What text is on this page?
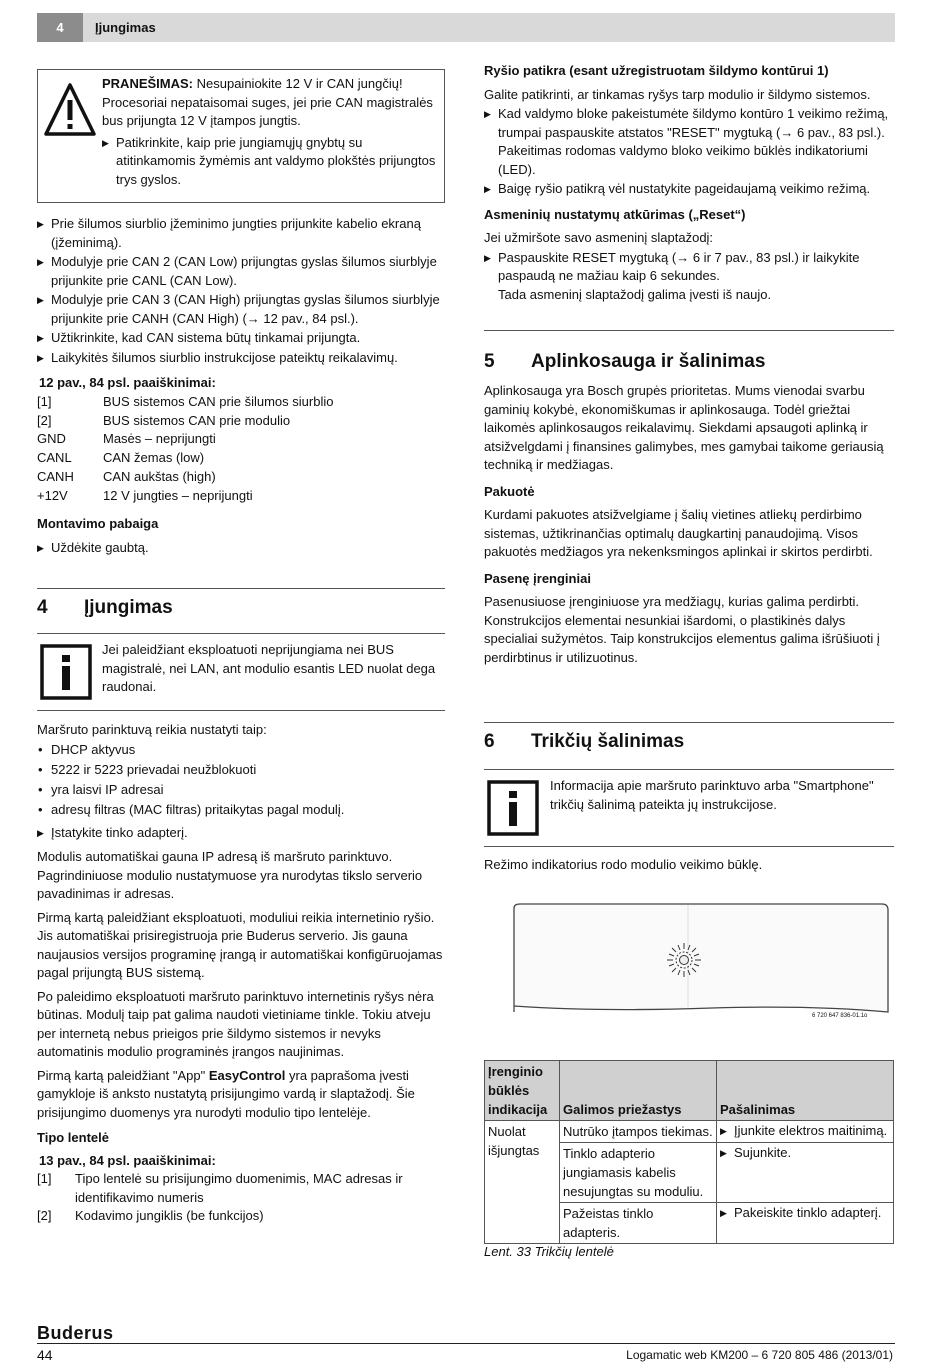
4	Įjungimas

PRANEŠIMAS: Nesupainiokite 12 V ir CAN jungčių!

Procesoriai nepataisomai suges, jei prie CAN magistralės bus prijungta 12 V įtampos jungtis.

▶ Patikrinkite, kaip prie jungiamųjų gnybtų su atitinkamomis žymėmis ant valdymo plokštės prijungtos trys gyslos.

▶ Prie šilumos siurblio įžeminimo jungties prijunkite kabelio ekraną (įžeminimą).

▶ Modulyje prie CAN 2 (CAN Low) prijungtas gyslas šilumos siurblyje prijunkite prie CANL (CAN Low).

▶ Modulyje prie CAN 3 (CAN High) prijungtas gyslas šilumos siurblyje prijunkite prie CANH (CAN High) (→ 12 pav., 84 psl.).

▶ Užtikrinkite, kad CAN sistema būtų tinkamai prijungta.

▶ Laikykitės šilumos siurblio instrukcijose pateiktų reikalavimų.

12 pav., 84 psl. paaiškinimai:
[1]	BUS sistemos CAN prie šilumos siurblio
[2]	BUS sistemos CAN prie modulio
GND	Masės – neprijungti
CANL	CAN žemas (low)
CANH	CAN aukštas (high)
+12V	12 V jungties – neprijungti
Montavimo pabaiga

▶ Uždėkite gaubtą.

4 Įjungimas

Jei paleidžiant eksploatuoti neprijungiama nei BUS magistralė, nei LAN, ant modulio esantis LED nuolat dega raudonai.

Maršruto parinktuvą reikia nustatyti taip:

• DHCP aktyvus

• 5222 ir 5223 prievadai neužblokuoti

• yra laisvi IP adresai

• adresų filtras (MAC filtras) pritaikytas pagal modulį.

▶ Įstatykite tinko adapterį.

Modulis automatiškai gauna IP adresą iš maršruto parinktuvo. Pagrindiniuose modulio nustatymuose yra nurodytas tikslo serverio pavadinimas ir adresas.

Pirmą kartą paleidžiant eksploatuoti, moduliui reikia internetinio ryšio. Jis automatiškai prisiregistruoja prie Buderus serverio. Jis gauna naujausios versijos programinę įrangą ir automatiškai konfigūruojamas pagal prijungtą BUS sistemą.

Po paleidimo eksploatuoti maršruto parinktuvo internetinis ryšys nėra būtinas. Modulį taip pat galima naudoti vietiniame tinkle. Tokiu atveju per internetą nebus prieigos prie šildymo sistemos ir nevyks automatinis modulio programinės įrangos naujinimas.

Pirmą kartą paleidžiant "App" EasyControl yra paprašoma įvesti gamykloje iš anksto nustatytą prisijungimo vardą ir slaptažodį. Šie prisijungimo duomenys yra nurodyti modulio tipo lentelėje.

Tipo lentelė

13 pav., 84 psl. paaiškinimai:

[1]	Tipo lentelė su prisijungimo duomenimis, MAC adresas ir identifikavimo numeris
[2]	Kodavimo jungiklis (be funkcijos)

Ryšio patikra (esant užregistruotam šildymo kontūrui 1)

Galite patikrinti, ar tinkamas ryšys tarp modulio ir šildymo sistemos.

▶ Kad valdymo bloke pakeistumėte šildymo kontūro 1 veikimo režimą, trumpai paspauskite atstatos "RESET" mygtuką (→ 6 pav., 83 psl.). Pakeitimas rodomas valdymo bloko veikimo būklės indikatoriumi (LED).

▶ Baigę ryšio patikrą vėl nustatykite pageidaujamą veikimo režimą.

Asmeninių nustatymų atkūrimas („Reset“)

Jei užmiršote savo asmeninį slaptažodį:

▶ Paspauskite RESET mygtuką (→ 6 ir 7 pav., 83 psl.) ir laikykite paspaudą ne mažiau kaip 6 sekundes.

Tada asmeninį slaptažodį galima įvesti iš naujo.

5 Aplinkosauga ir šalinimas

Aplinkosauga yra Bosch grupės prioritetas. Mums vienodai svarbu gaminių kokybė, ekonomiškumas ir aplinkosauga. Todėl griežtai laikomės aplinkosaugos reikalavimų. Siekdami apsaugoti aplinką ir atsižvelgdami į finansines galimybes, mes gamybai taikome geriausią techniką ir medžiagas.

Pakuotė

Kurdami pakuotes atsižvelgiame į šalių vietines atliekų perdirbimo sistemas, užtikrinančias optimalų daugkartinį panaudojimą. Visos pakuotės medžiagos yra nekenksmingos aplinkai ir skirtos perdirbti.

Pasenę įrenginiai

Pasenusiuose įrenginiuose yra medžiagų, kurias galima perdirbti. Konstrukcijos elementai nesunkiai išardomi, o plastikinės dalys specialiai sužymėtos. Taip konstrukcijos elementus galima išrūšiuoti į perdirbtinus ir utilizuotinus.

6 Trikčių šalinimas

Informacija apie maršruto parinktuvo arba "Smartphone" trikčių šalinimą pateikta jų instrukcijose.

Režimo indikatorius rodo modulio veikimo būklę.

6 720 647 836-01.1o
Įrenginio būklės indikacija	Galimos priežastys	Pašalinimas
Nuolat išjungtas	Nutrūko įtampos tiekimas.	▶ Įjunkite elektros maitinimą.

	Tinklo adapterio jungiamasis kabelis nesujungtas su moduliu.	▶ Sujunkite.

	Pažeistas tinklo adapteris.	▶ Pakeiskite tinklo adapterį.
Lent. 33 Trikčių lentelė
Buderus
44	Logamatic web KM200 – 6 720 805 486 (2013/01)
